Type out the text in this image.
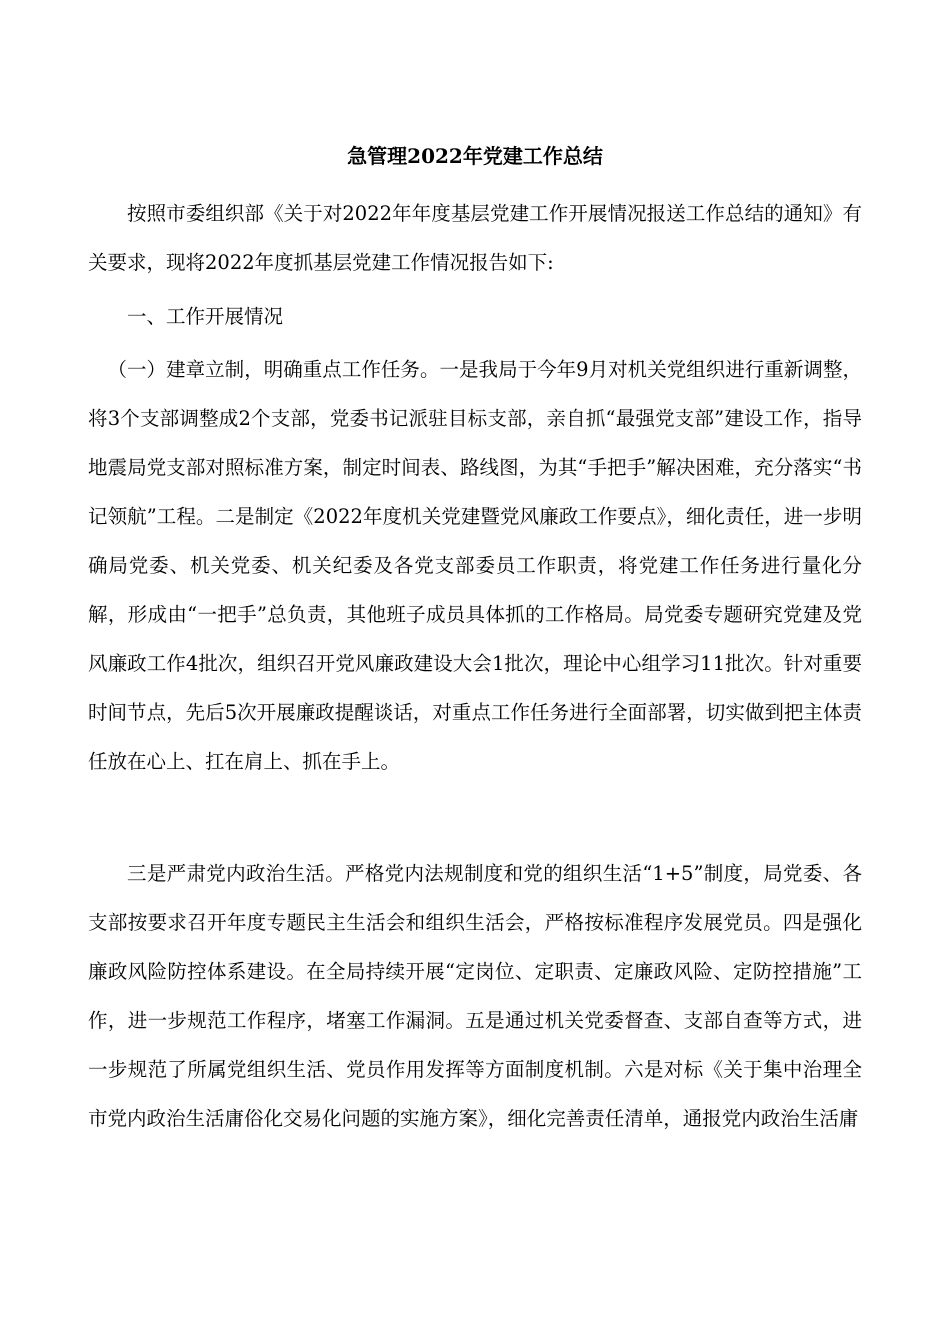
急管理2022年党建工作总结

按照市委组织部《关于对2022年年度基层党建工作开展情况报送工作总结的通知》有关要求，现将2022年度抓基层党建工作情况报告如下:

一、工作开展情况

（一）建章立制，明确重点工作任务。一是我局于今年9月对机关党组织进行重新调整，将3个支部调整成2个支部，党委书记派驻目标支部，亲自抓“最强党支部”建设工作，指导地震局党支部对照标准方案，制定时间表、路线图，为其“手把手”解决困难，充分落实“书记领航”工程。二是制定《2022年度机关党建暨党风廉政工作要点》，细化责任，进一步明确局党委、机关党委、机关纪委及各党支部委员工作职责，将党建工作任务进行量化分解，形成由“一把手”总负责，其他班子成员具体抓的工作格局。局党委专题研究党建及党风廉政工作4批次，组织召开党风廉政建设大会1批次，理论中心组学习11批次。针对重要时间节点，先后5次开展廉政提醒谈话，对重点工作任务进行全面部署，切实做到把主体责任放在心上、扛在肩上、抓在手上。

三是严肃党内政治生活。严格党内法规制度和党的组织生活“1+5”制度，局党委、各支部按要求召开年度专题民主生活会和组织生活会，严格按标准程序发展党员。四是强化廉政风险防控体系建设。在全局持续开展“定岗位、定职责、定廉政风险、定防控措施”工作，进一步规范工作程序，堵塞工作漏洞。五是通过机关党委督查、支部自查等方式，进一步规范了所属党组织生活、党员作用发挥等方面制度机制。六是对标《关于集中治理全市党内政治生活庸俗化交易化问题的实施方案》，细化完善责任清单，通报党内政治生活庸
